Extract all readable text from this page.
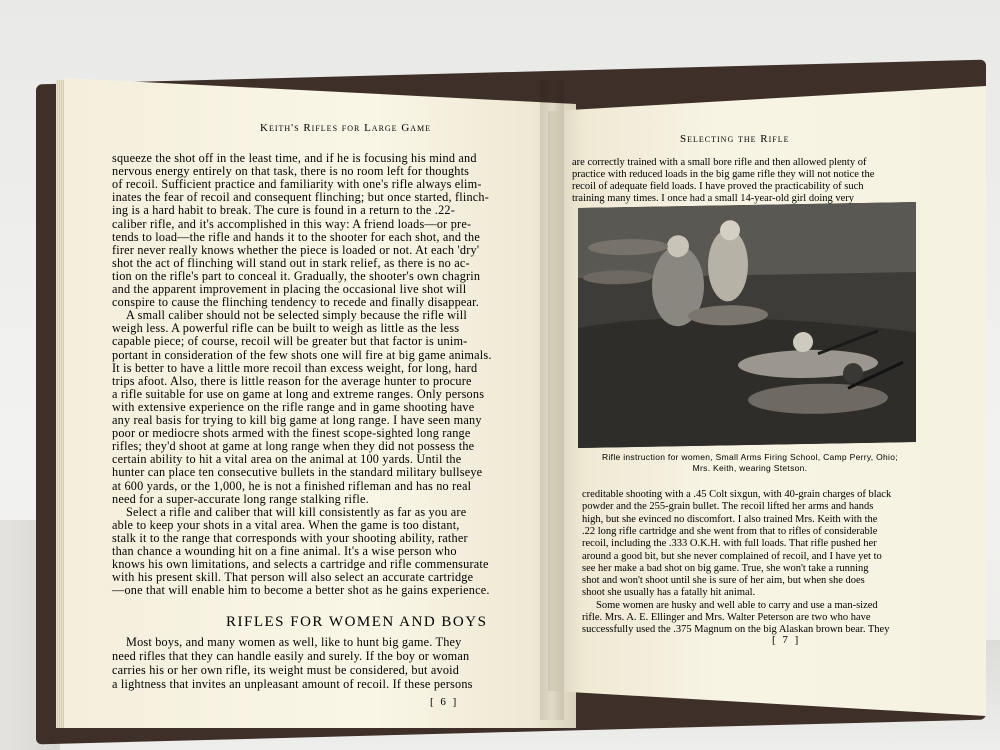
Keith's Rifles for Large Game
squeeze the shot off in the least time, and if he is focusing his mind and
nervous energy entirely on that task, there is no room left for thoughts
of recoil. Sufficient practice and familiarity with one's rifle always elim-
inates the fear of recoil and consequent flinching; but once started, flinch-
ing is a hard habit to break. The cure is found in a return to the .22-
caliber rifle, and it's accomplished in this way: A friend loads—or pre-
tends to load—the rifle and hands it to the shooter for each shot, and the
firer never really knows whether the piece is loaded or not. At each 'dry'
shot the act of flinching will stand out in stark relief, as there is no ac-
tion on the rifle's part to conceal it. Gradually, the shooter's own chagrin
and the apparent improvement in placing the occasional live shot will
conspire to cause the flinching tendency to recede and finally disappear.
A small caliber should not be selected simply because the rifle will
weigh less. A powerful rifle can be built to weigh as little as the less
capable piece; of course, recoil will be greater but that factor is unim-
portant in consideration of the few shots one will fire at big game animals.
It is better to have a little more recoil than excess weight, for long, hard
trips afoot. Also, there is little reason for the average hunter to procure
a rifle suitable for use on game at long and extreme ranges. Only persons
with extensive experience on the rifle range and in game shooting have
any real basis for trying to kill big game at long range. I have seen many
poor or mediocre shots armed with the finest scope-sighted long range
rifles; they'd shoot at game at long range when they did not possess the
certain ability to hit a vital area on the animal at 100 yards. Until the
hunter can place ten consecutive bullets in the standard military bullseye
at 600 yards, or the 1,000, he is not a finished rifleman and has no real
need for a super-accurate long range stalking rifle.
Select a rifle and caliber that will kill consistently as far as you are
able to keep your shots in a vital area. When the game is too distant,
stalk it to the range that corresponds with your shooting ability, rather
than chance a wounding hit on a fine animal. It's a wise person who
knows his own limitations, and selects a cartridge and rifle commensurate
with his present skill. That person will also select an accurate cartridge
—one that will enable him to become a better shot as he gains experience.
RIFLES FOR WOMEN AND BOYS
Most boys, and many women as well, like to hunt big game. They
need rifles that they can handle easily and surely. If the boy or woman
carries his or her own rifle, its weight must be considered, but avoid
a lightness that invites an unpleasant amount of recoil. If these persons
[ 6 ]
Selecting the Rifle
are correctly trained with a small bore rifle and then allowed plenty of
practice with reduced loads in the big game rifle they will not notice the
recoil of adequate field loads. I have proved the practicability of such
training many times. I once had a small 14-year-old girl doing very
Rifle instruction for women, Small Arms Firing School, Camp Perry, Ohio;
Mrs. Keith, wearing Stetson.
creditable shooting with a .45 Colt sixgun, with 40-grain charges of black
powder and the 255-grain bullet. The recoil lifted her arms and hands
high, but she evinced no discomfort. I also trained Mrs. Keith with the
.22 long rifle cartridge and she went from that to rifles of considerable
recoil, including the .333 O.K.H. with full loads. That rifle pushed her
around a good bit, but she never complained of recoil, and I have yet to
see her make a bad shot on big game. True, she won't take a running
shot and won't shoot until she is sure of her aim, but when she does
shoot she usually has a fatally hit animal.
Some women are husky and well able to carry and use a man-sized
rifle. Mrs. A. E. Ellinger and Mrs. Walter Peterson are two who have
successfully used the .375 Magnum on the big Alaskan brown bear. They
[ 7 ]
